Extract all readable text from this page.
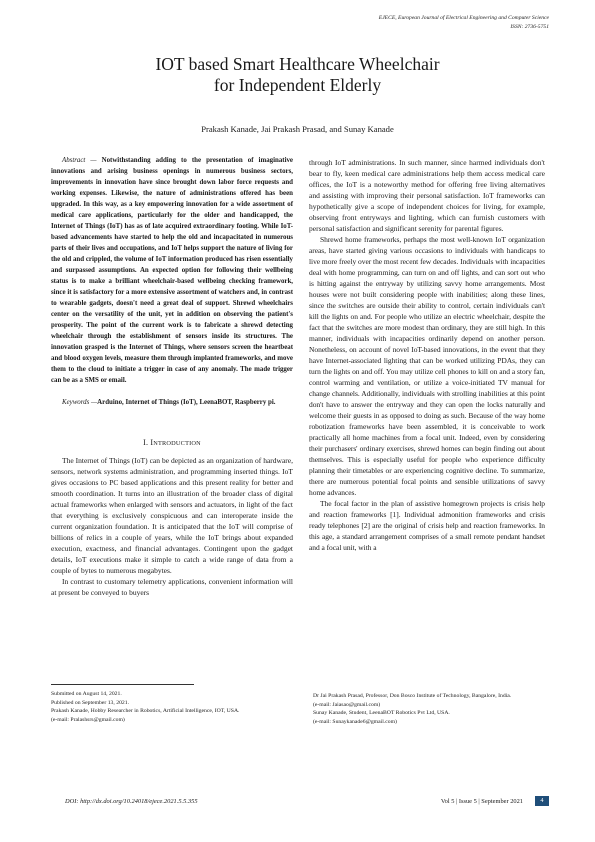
EJECE, European Journal of Electrical Engineering and Computer Science
ISSN: 2736-5751
IOT based Smart Healthcare Wheelchair
for Independent Elderly
Prakash Kanade, Jai Prakash Prasad, and Sunay Kanade

Abstract — Notwithstanding adding to the presentation of imaginative innovations and arising business openings in numerous business sectors, improvements in innovation have since brought down labor force requests and working expenses. Likewise, the nature of administrations offered has been upgraded. In this way, as a key empowering innovation for a wide assortment of medical care applications, particularly for the older and handicapped, the Internet of Things (IoT) has as of late acquired extraordinary footing. While IoT-based advancements have started to help the old and incapacitated in numerous parts of their lives and occupations, and IoT helps support the nature of living for the old and crippled, the volume of IoT information produced has risen essentially and surpassed assumptions. An expected option for following their wellbeing status is to make a brilliant wheelchair-based wellbeing checking framework, since it is satisfactory for a more extensive assortment of watchers and, in contrast to wearable gadgets, doesn't need a great deal of support. Shrewd wheelchairs center on the versatility of the unit, yet in addition on observing the patient's prosperity. The point of the current work is to fabricate a shrewd detecting wheelchair through the establishment of sensors inside its structures. The innovation grasped is the Internet of Things, where sensors screen the heartbeat and blood oxygen levels, measure them through implanted frameworks, and move them to the cloud to initiate a trigger in case of any anomaly. The made trigger can be as a SMS or email.

Keywords —Arduino, Internet of Things (IoT), LeenaBOT, Raspberry pi.

I. INTRODUCTION

The Internet of Things (IoT) can be depicted as an organization of hardware, sensors, network systems administration, and programming inserted things. IoT gives occasions to PC based applications and this present reality for better and smooth coordination. It turns into an illustration of the broader class of digital actual frameworks when enlarged with sensors and actuators, in light of the fact that everything is exclusively conspicuous and can interoperate inside the current organization foundation. It is anticipated that the IoT will comprise of billions of relics in a couple of years, while the IoT brings about expanded execution, exactness, and financial advantages. Contingent upon the gadget details, IoT executions make it simple to catch a wide range of data from a couple of bytes to numerous megabytes.

In contrast to customary telemetry applications, convenient information will at present be conveyed to buyers

through IoT administrations. In such manner, since harmed individuals don't bear to fly, keen medical care administrations help them access medical care offices, the IoT is a noteworthy method for offering free living alternatives and assisting with improving their personal satisfaction. IoT frameworks can hypothetically give a scope of independent choices for living, for example, observing front entryways and lighting, which can furnish customers with personal satisfaction and significant serenity for parental figures.

Shrewd home frameworks, perhaps the most well-known IoT organization areas, have started giving various occasions to individuals with handicaps to live more freely over the most recent few decades. Individuals with incapacities deal with home programming, can turn on and off lights, and can sort out who is hitting against the entryway by utilizing savvy home arrangements. Most houses were not built considering people with inabilities; along these lines, since the switches are outside their ability to control, certain individuals can't kill the lights on and. For people who utilize an electric wheelchair, despite the fact that the switches are more modest than ordinary, they are still high. In this manner, individuals with incapacities ordinarily depend on another person. Nonetheless, on account of novel IoT-based innovations, in the event that they have Internet-associated lighting that can be worked utilizing PDAs, they can turn the lights on and off. You may utilize cell phones to kill on and a story fan, control warming and ventilation, or utilize a voice-initiated TV manual for change channels. Additionally, individuals with strolling inabilities at this point don't have to answer the entryway and they can open the locks naturally and welcome their guests in as opposed to doing as such. Because of the way home robotization frameworks have been assembled, it is conceivable to work practically all home machines from a focal unit. Indeed, even by considering their purchasers' ordinary exercises, shrewd homes can begin finding out about themselves. This is especially useful for people who experience difficulty planning their timetables or are experiencing cognitive decline. To summarize, there are numerous potential focal points and sensible utilizations of savvy home advances.

The focal factor in the plan of assistive homegrown projects is crisis help and reaction frameworks [1]. Individual admonition frameworks and crisis ready telephones [2] are the original of crisis help and reaction frameworks. In this age, a standard arrangement comprises of a small remote pendant handset and a focal unit, with a

Submitted on August 14, 2021.
Published on September 13, 2021.
Prakash Kanade, Hobby Researcher in Robotics, Artificial Intelligence, IOT, USA.
(e-mail: Pralashsrs@gmail.com)
Dr Jai Prakash Prasad, Professor, Don Bosco Institute of Technology, Bangalore, India.
(e-mail: Jaiasao@gmail.com)
Sunay Kanade, Student, LeenaBOT Robotics Pvt Ltd, USA.
(e-mail: Sunaykanade6@gmail.com)
DOI: http://dx.doi.org/10.24018/ejece.2021.5.5.355	Vol 5 | Issue 5 | September 2021	4
